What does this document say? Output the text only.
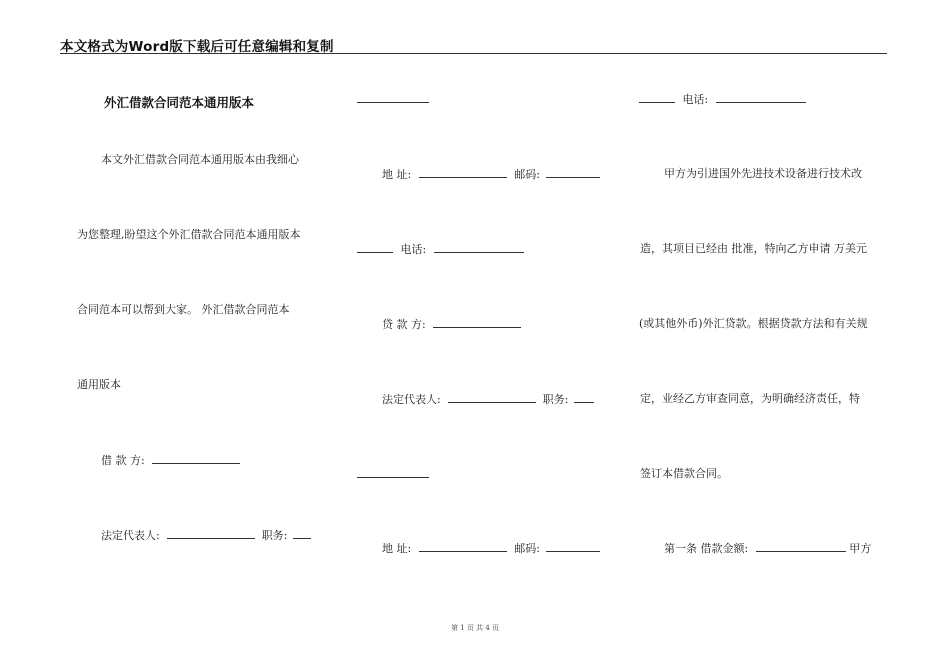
本文格式为Word版下载后可任意编辑和复制
外汇借款合同范本通用版本
本文外汇借款合同范本通用版本由我细心
为您整理,盼望这个外汇借款合同范本通用版本
合同范本可以帮到大家。 外汇借款合同范本
通用版本
借 款 方:
法定代表人:	职务:
地 址:	邮码:
电话:
贷 款 方:
法定代表人:	职务:
地 址:	邮码:
电话:
甲方为引进国外先进技术设备进行技术改
造，其项目已经由 批准，特向乙方申请 万美元
(或其他外币)外汇贷款。根据贷款方法和有关规
定，业经乙方审查同意，为明确经济责任，特
签订本借款合同。
第一条 借款金额:	甲方
第 1 页 共 4 页
